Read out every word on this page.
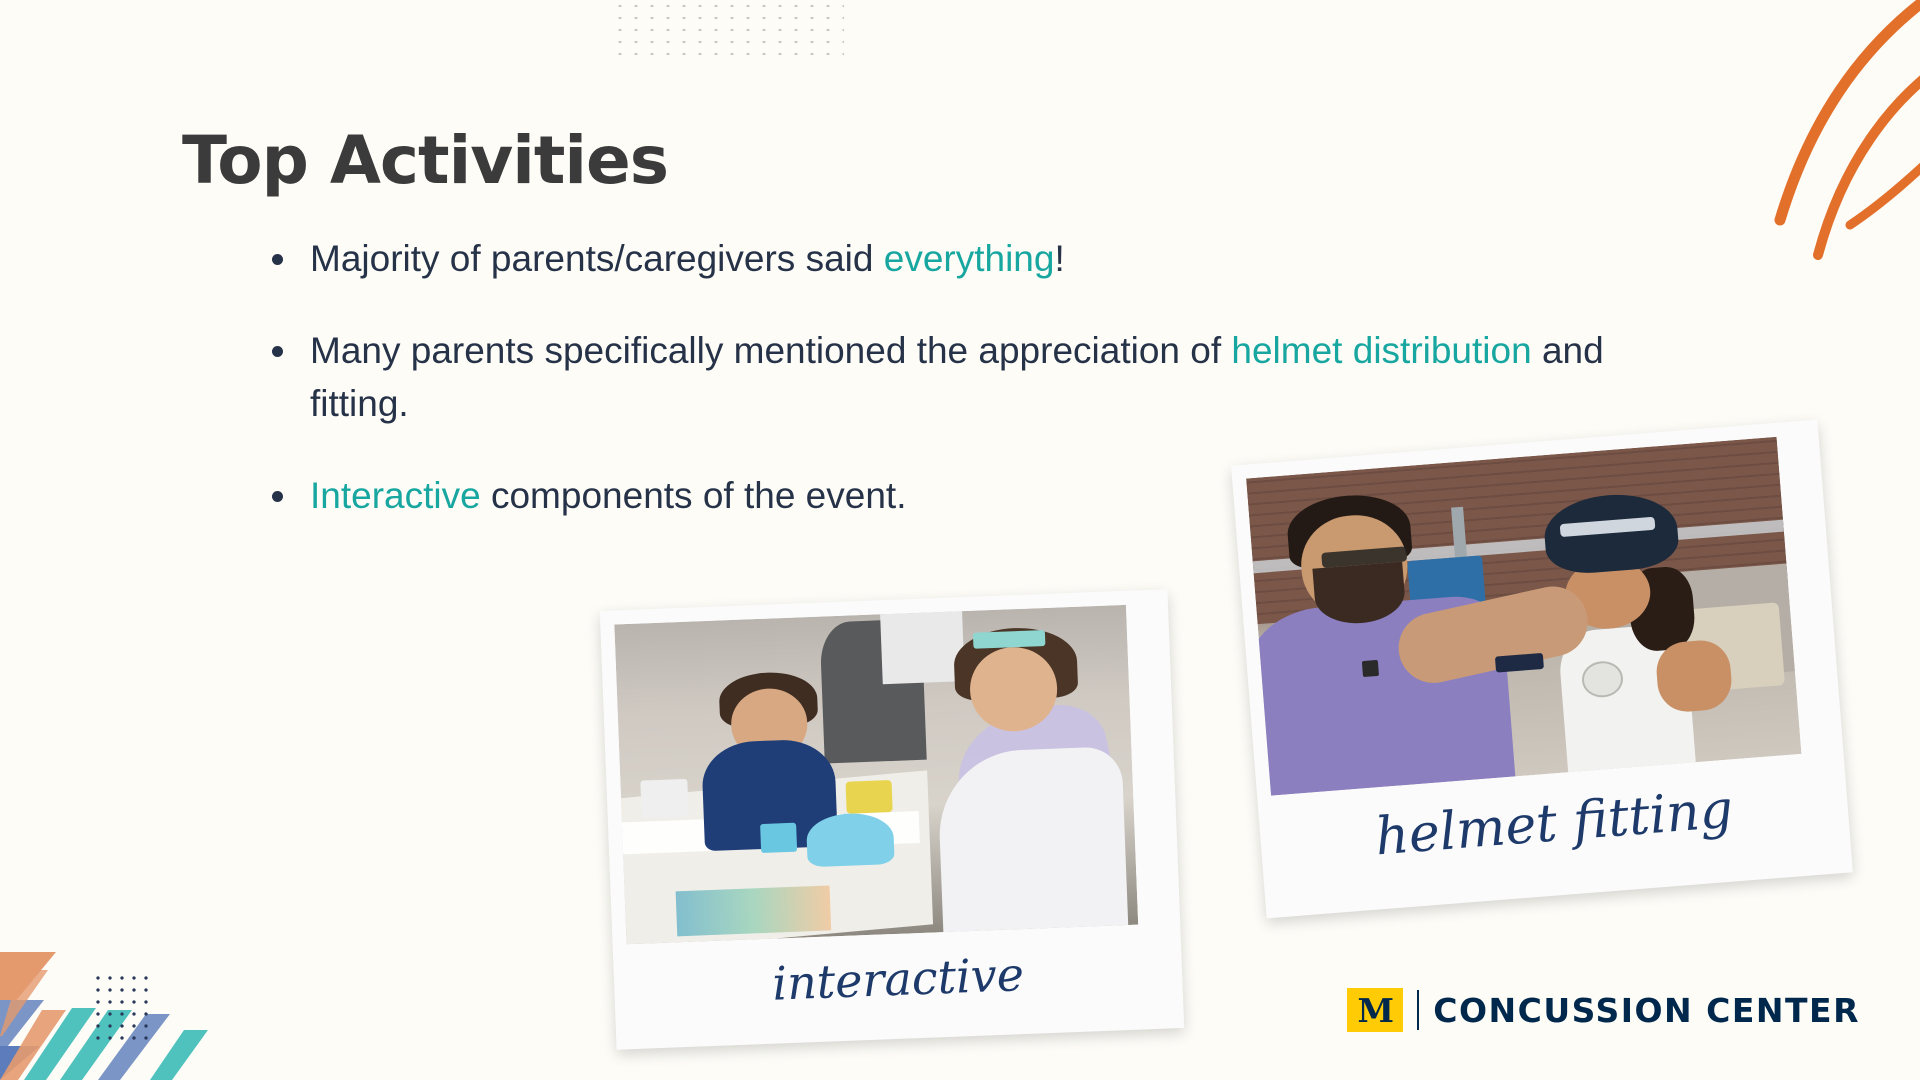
Top Activities
Majority of parents/caregivers said everything!
Many parents specifically mentioned the appreciation of helmet distribution and fitting.
Interactive components of the event.
interactive
helmet fitting
M	CONCUSSION CENTER
